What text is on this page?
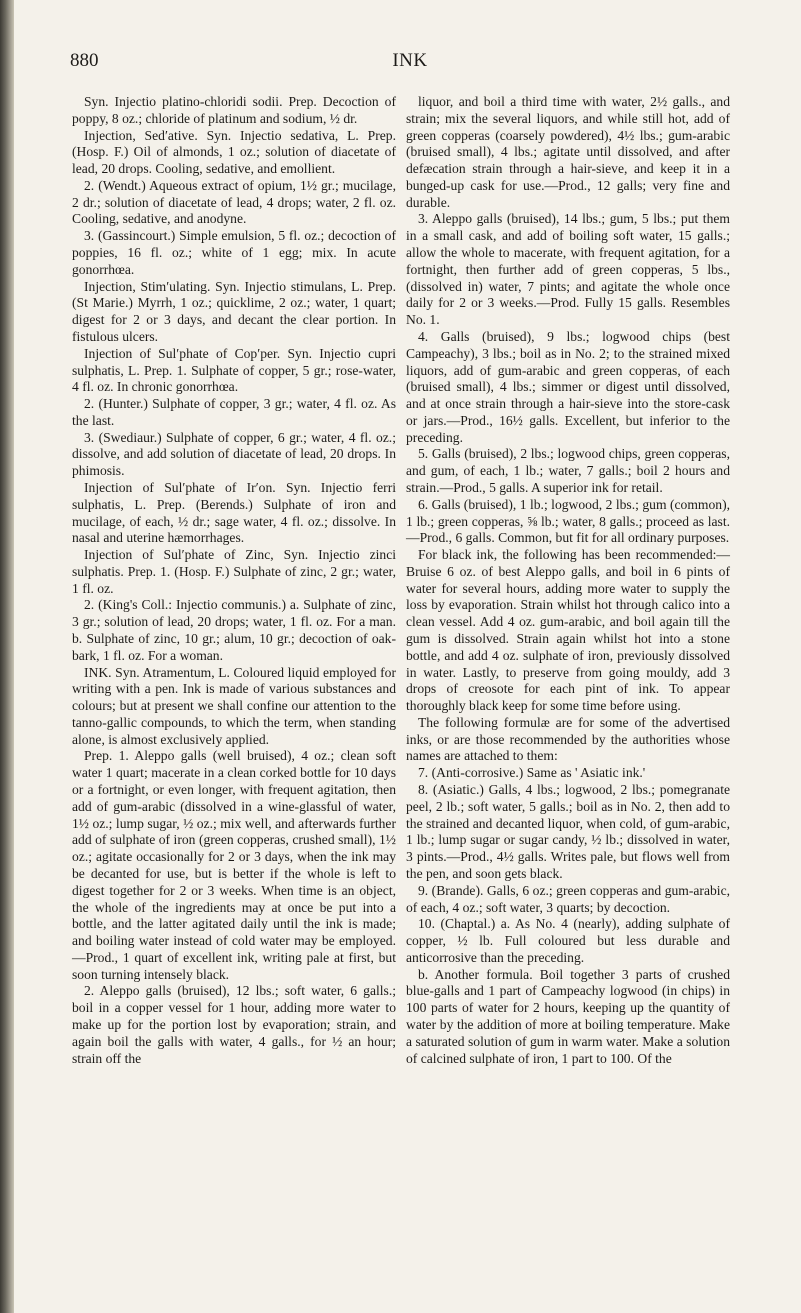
880	INK

Syn. Injectio platino-chloridi sodii. Prep. Decoction of poppy, 8 oz.; chloride of platinum and sodium, ½ dr.

Injection, Sed′ative. Syn. Injectio sedativa, L. Prep. (Hosp. F.) Oil of almonds, 1 oz.; solution of diacetate of lead, 20 drops. Cooling, sedative, and emollient.

2. (Wendt.) Aqueous extract of opium, 1½ gr.; mucilage, 2 dr.; solution of diacetate of lead, 4 drops; water, 2 fl. oz. Cooling, sedative, and anodyne.

3. (Gassincourt.) Simple emulsion, 5 fl. oz.; decoction of poppies, 16 fl. oz.; white of 1 egg; mix. In acute gonorrhœa.

Injection, Stim′ulating. Syn. Injectio stimulans, L. Prep. (St Marie.) Myrrh, 1 oz.; quicklime, 2 oz.; water, 1 quart; digest for 2 or 3 days, and decant the clear portion. In fistulous ulcers.

Injection of Sul′phate of Cop′per. Syn. Injectio cupri sulphatis, L. Prep. 1. Sulphate of copper, 5 gr.; rose-water, 4 fl. oz. In chronic gonorrhœa.

2. (Hunter.) Sulphate of copper, 3 gr.; water, 4 fl. oz. As the last.

3. (Swediaur.) Sulphate of copper, 6 gr.; water, 4 fl. oz.; dissolve, and add solution of diacetate of lead, 20 drops. In phimosis.

Injection of Sul′phate of Ir′on. Syn. Injectio ferri sulphatis, L. Prep. (Berends.) Sulphate of iron and mucilage, of each, ½ dr.; sage water, 4 fl. oz.; dissolve. In nasal and uterine hæmorrhages.

Injection of Sul′phate of Zinc, Syn. Injectio zinci sulphatis. Prep. 1. (Hosp. F.) Sulphate of zinc, 2 gr.; water, 1 fl. oz.

2. (King's Coll.: Injectio communis.) a. Sulphate of zinc, 3 gr.; solution of lead, 20 drops; water, 1 fl. oz. For a man. b. Sulphate of zinc, 10 gr.; alum, 10 gr.; decoction of oak-bark, 1 fl. oz. For a woman.

INK. Syn. Atramentum, L. Coloured liquid employed for writing with a pen. Ink is made of various substances and colours; but at present we shall confine our attention to the tanno-gallic compounds, to which the term, when standing alone, is almost exclusively applied.

Prep. 1. Aleppo galls (well bruised), 4 oz.; clean soft water 1 quart; macerate in a clean corked bottle for 10 days or a fortnight, or even longer, with frequent agitation, then add of gum-arabic (dissolved in a wine-glassful of water, 1½ oz.; lump sugar, ½ oz.; mix well, and afterwards further add of sulphate of iron (green copperas, crushed small), 1½ oz.; agitate occasionally for 2 or 3 days, when the ink may be decanted for use, but is better if the whole is left to digest together for 2 or 3 weeks. When time is an object, the whole of the ingredients may at once be put into a bottle, and the latter agitated daily until the ink is made; and boiling water instead of cold water may be employed.—Prod., 1 quart of excellent ink, writing pale at first, but soon turning intensely black.

2. Aleppo galls (bruised), 12 lbs.; soft water, 6 galls.; boil in a copper vessel for 1 hour, adding more water to make up for the portion lost by evaporation; strain, and again boil the galls with water, 4 galls., for ½ an hour; strain off the

liquor, and boil a third time with water, 2½ galls., and strain; mix the several liquors, and while still hot, add of green copperas (coarsely powdered), 4½ lbs.; gum-arabic (bruised small), 4 lbs.; agitate until dissolved, and after defæcation strain through a hair-sieve, and keep it in a bunged-up cask for use.—Prod., 12 galls; very fine and durable.

3. Aleppo galls (bruised), 14 lbs.; gum, 5 lbs.; put them in a small cask, and add of boiling soft water, 15 galls.; allow the whole to macerate, with frequent agitation, for a fortnight, then further add of green copperas, 5 lbs., (dissolved in) water, 7 pints; and agitate the whole once daily for 2 or 3 weeks.—Prod. Fully 15 galls. Resembles No. 1.

4. Galls (bruised), 9 lbs.; logwood chips (best Campeachy), 3 lbs.; boil as in No. 2; to the strained mixed liquors, add of gum-arabic and green copperas, of each (bruised small), 4 lbs.; simmer or digest until dissolved, and at once strain through a hair-sieve into the store-cask or jars.—Prod., 16½ galls. Excellent, but inferior to the preceding.

5. Galls (bruised), 2 lbs.; logwood chips, green copperas, and gum, of each, 1 lb.; water, 7 galls.; boil 2 hours and strain.—Prod., 5 galls. A superior ink for retail.

6. Galls (bruised), 1 lb.; logwood, 2 lbs.; gum (common), 1 lb.; green copperas, ⅝ lb.; water, 8 galls.; proceed as last.—Prod., 6 galls. Common, but fit for all ordinary purposes.

For black ink, the following has been recommended:—Bruise 6 oz. of best Aleppo galls, and boil in 6 pints of water for several hours, adding more water to supply the loss by evaporation. Strain whilst hot through calico into a clean vessel. Add 4 oz. gum-arabic, and boil again till the gum is dissolved. Strain again whilst hot into a stone bottle, and add 4 oz. sulphate of iron, previously dissolved in water. Lastly, to preserve from going mouldy, add 3 drops of creosote for each pint of ink. To appear thoroughly black keep for some time before using.

The following formulæ are for some of the advertised inks, or are those recommended by the authorities whose names are attached to them:

7. (Anti-corrosive.) Same as ' Asiatic ink.'

8. (Asiatic.) Galls, 4 lbs.; logwood, 2 lbs.; pomegranate peel, 2 lb.; soft water, 5 galls.; boil as in No. 2, then add to the strained and decanted liquor, when cold, of gum-arabic, 1 lb.; lump sugar or sugar candy, ½ lb.; dissolved in water, 3 pints.—Prod., 4½ galls. Writes pale, but flows well from the pen, and soon gets black.

9. (Brande). Galls, 6 oz.; green copperas and gum-arabic, of each, 4 oz.; soft water, 3 quarts; by decoction.

10. (Chaptal.) a. As No. 4 (nearly), adding sulphate of copper, ½ lb. Full coloured but less durable and anticorrosive than the preceding.

b. Another formula. Boil together 3 parts of crushed blue-galls and 1 part of Campeachy logwood (in chips) in 100 parts of water for 2 hours, keeping up the quantity of water by the addition of more at boiling temperature. Make a saturated solution of gum in warm water. Make a solution of calcined sulphate of iron, 1 part to 100. Of the
